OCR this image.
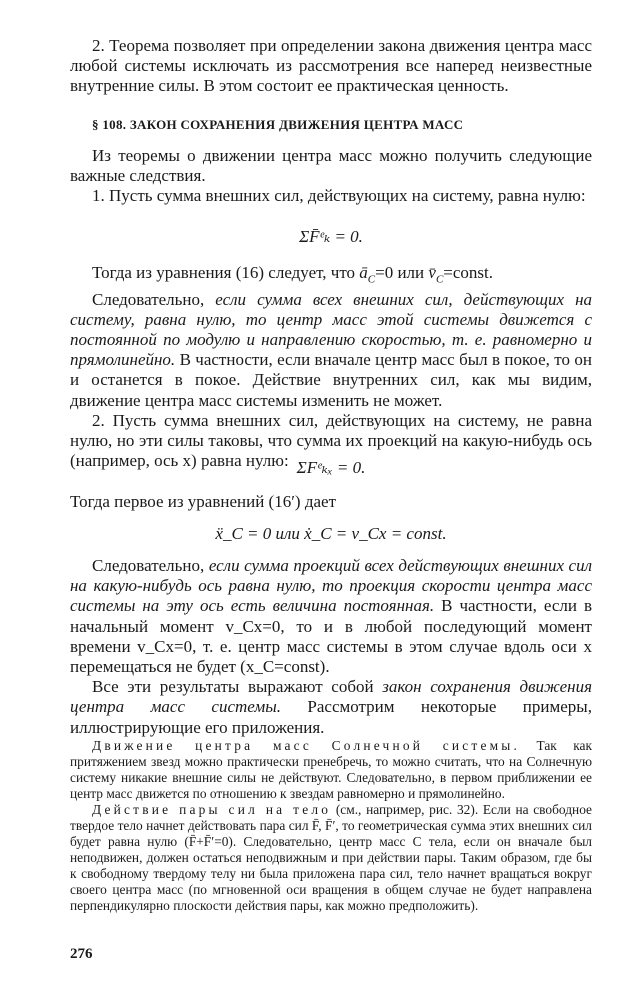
2. Теорема позволяет при определении закона движения центра масс любой системы исключать из рассмотрения все наперед неизвестные внутренние силы. В этом состоит ее практическая ценность.

§ 108. ЗАКОН СОХРАНЕНИЯ ДВИЖЕНИЯ ЦЕНТРА МАСС

Из теоремы о движении центра масс можно получить следующие важные следствия.

1. Пусть сумма внешних сил, действующих на систему, равна нулю:

ΣF̄ᵉₖ = 0.

Тогда из уравнения (16) следует, что $ā_C=0$ или $v̄_C=const$.

Следовательно, если сумма всех внешних сил, действующих на систему, равна нулю, то центр масс этой системы движется с постоянной по модулю и направлению скоростью, т. е. равномерно и прямолинейно. В частности, если вначале центр масс был в покое, то он и останется в покое. Действие внутренних сил, как мы видим, движение центра масс системы изменить не может.

2. Пусть сумма внешних сил, действующих на систему, не равна нулю, но эти силы таковы, что сумма их проекций на какую-нибудь ось (например, ось x) равна нулю: ΣFᵉₖₓ = 0.

Тогда первое из уравнений (16′) дает

ẍ_C = 0 или ẋ_C = v_Cx = const.

Следовательно, если сумма проекций всех действующих внешних сил на какую-нибудь ось равна нулю, то проекция скорости центра масс системы на эту ось есть величина постоянная. В частности, если в начальный момент v_Cx=0, то и в любой последующий момент времени v_Cx=0, т. е. центр масс системы в этом случае вдоль оси x перемещаться не будет (x_C=const).

Все эти результаты выражают собой закон сохранения движения центра масс системы. Рассмотрим некоторые примеры, иллюстрирующие его приложения.

Движение центра масс Солнечной системы. Так как притяжением звезд можно практически пренебречь, то можно считать, что на Солнечную систему никакие внешние силы не действуют. Следовательно, в первом приближении ее центр масс движется по отношению к звездам равномерно и прямолинейно.

Действие пары сил на тело (см., например, рис. 32). Если на свободное твердое тело начнет действовать пара сил F̄, F̄′, то геометрическая сумма этих внешних сил будет равна нулю (F̄+F̄′=0). Следовательно, центр масс C тела, если он вначале был неподвижен, должен остаться неподвижным и при действии пары. Таким образом, где бы к свободному твердому телу ни была приложена пара сил, тело начнет вращаться вокруг своего центра масс (по мгновенной оси вращения в общем случае не будет направлена перпендикулярно плоскости действия пары, как можно предположить).

276
